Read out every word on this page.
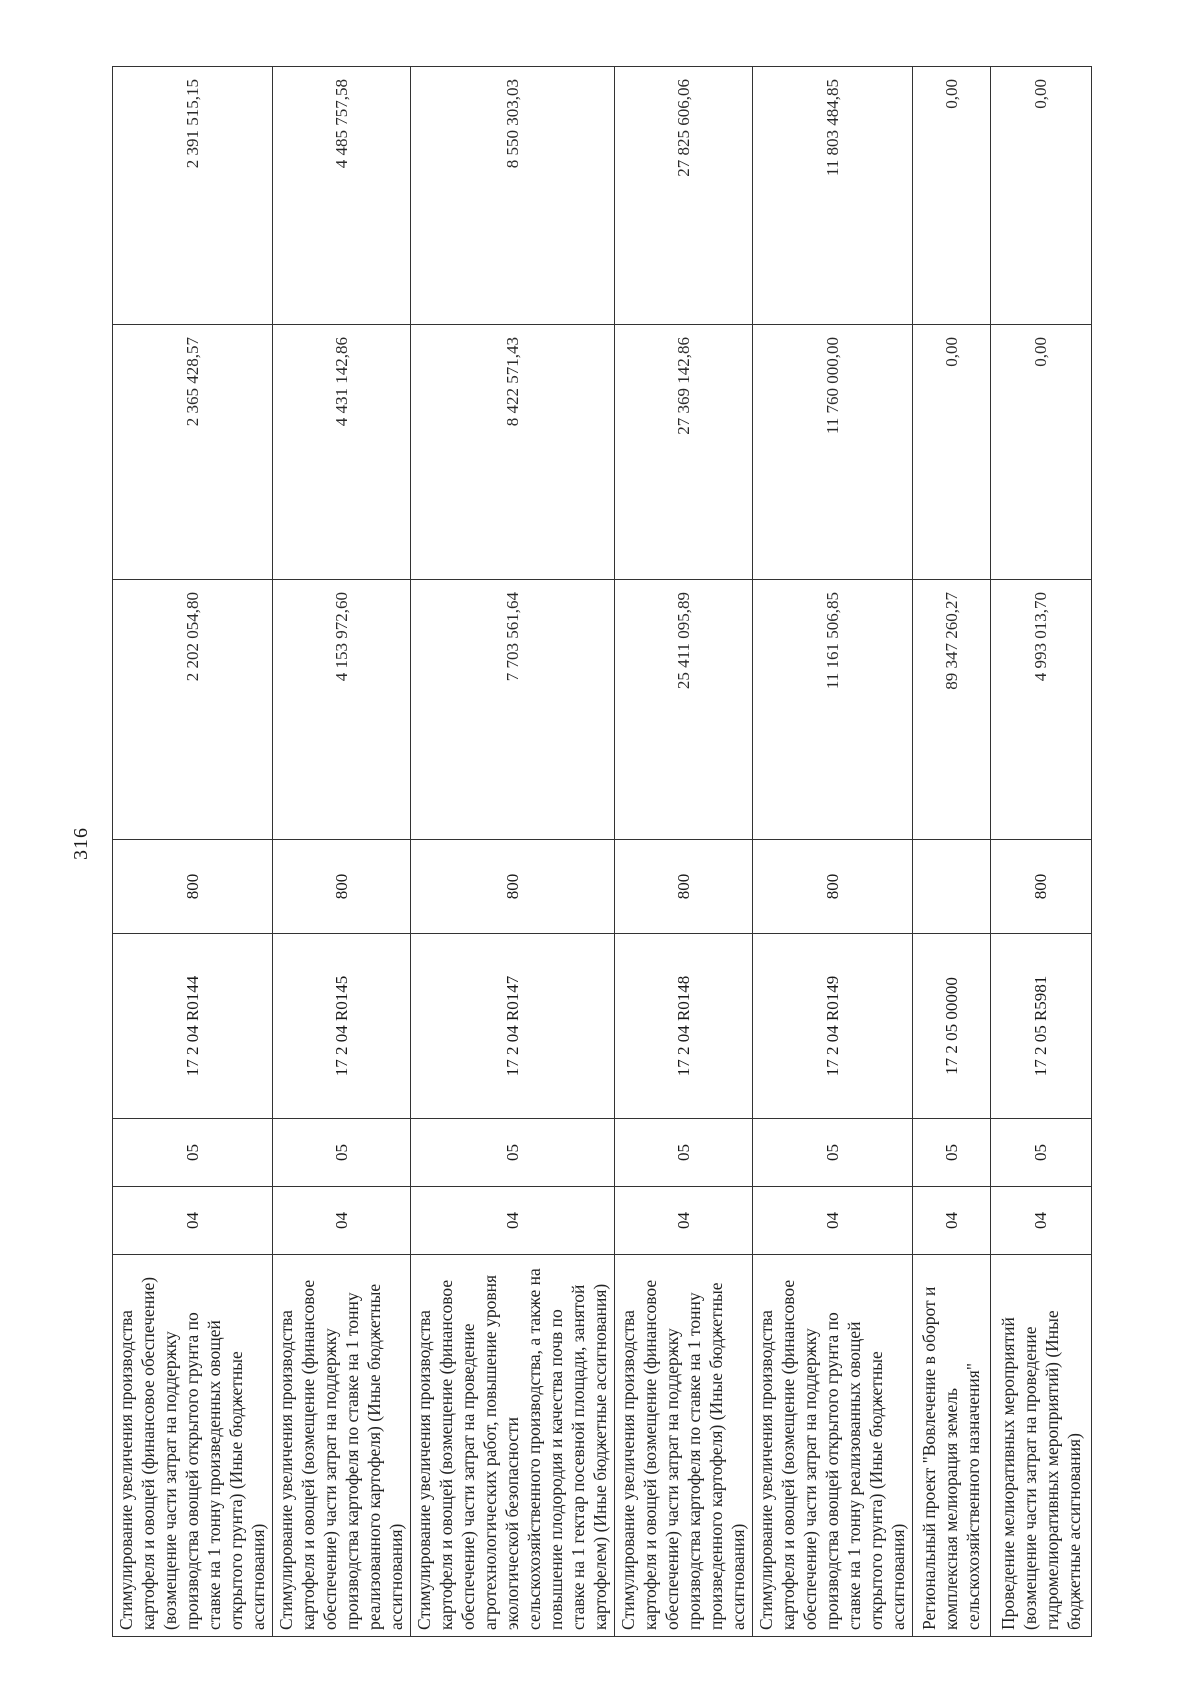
316
Стимулирование увеличения производства картофеля и овощей (финансовое обеспечение) (возмещение части затрат на поддержку производства овощей открытого грунта по ставке на 1 тонну произведенных овощей открытого грунта) (Иные бюджетные ассигнования)	04	05	17 2 04 R0144	800	2 202 054,80	2 365 428,57	2 391 515,15
Стимулирование увеличения производства картофеля и овощей (возмещение (финансовое обеспечение) части затрат на поддержку производства картофеля по ставке на 1 тонну реализованного картофеля) (Иные бюджетные ассигнования)	04	05	17 2 04 R0145	800	4 153 972,60	4 431 142,86	4 485 757,58
Стимулирование увеличения производства картофеля и овощей (возмещение (финансовое обеспечение) части затрат на проведение агротехнологических работ, повышение уровня экологической безопасности сельскохозяйственного производства, а также на повышение плодородия и качества почв по ставке на 1 гектар посевной площади, занятой картофелем) (Иные бюджетные ассигнования)	04	05	17 2 04 R0147	800	7 703 561,64	8 422 571,43	8 550 303,03
Стимулирование увеличения производства картофеля и овощей (возмещение (финансовое обеспечение) части затрат на поддержку производства картофеля по ставке на 1 тонну произведенного картофеля) (Иные бюджетные ассигнования)	04	05	17 2 04 R0148	800	25 411 095,89	27 369 142,86	27 825 606,06
Стимулирование увеличения производства картофеля и овощей (возмещение (финансовое обеспечение) части затрат на поддержку производства овощей открытого грунта по ставке на 1 тонну реализованных овощей открытого грунта) (Иные бюджетные ассигнования)	04	05	17 2 04 R0149	800	11 161 506,85	11 760 000,00	11 803 484,85
Региональный проект "Вовлечение в оборот и комплексная мелиорация земель сельскохозяйственного назначения"	04	05	17 2 05 00000		89 347 260,27	0,00	0,00
Проведение мелиоративных мероприятий (возмещение части затрат на проведение гидромелиоративных мероприятий) (Иные бюджетные ассигнования)	04	05	17 2 05 R5981	800	4 993 013,70	0,00	0,00
